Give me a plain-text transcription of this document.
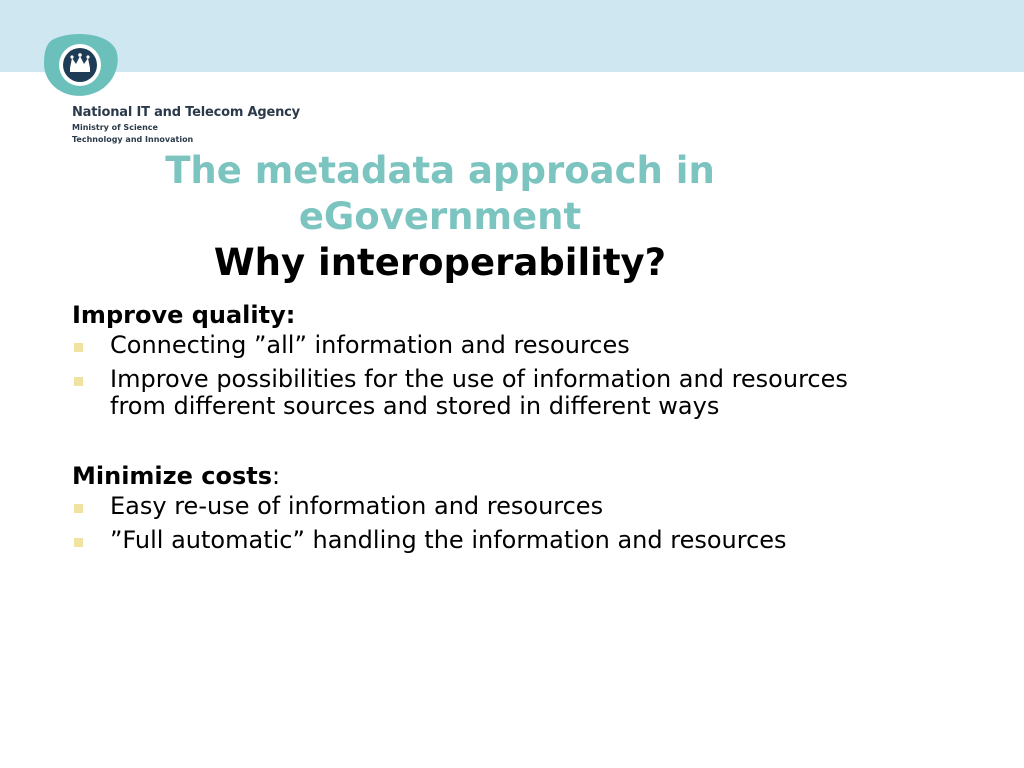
National IT and Telecom Agency
Ministry of Science
Technology and Innovation
The metadata approach in eGovernment
Why interoperability?
Improve quality:
Connecting ”all” information and resources
Improve possibilities for the use of information and resources from different sources and stored in different ways
Minimize costs:
Easy re-use of information and resources
”Full automatic” handling the information and resources
